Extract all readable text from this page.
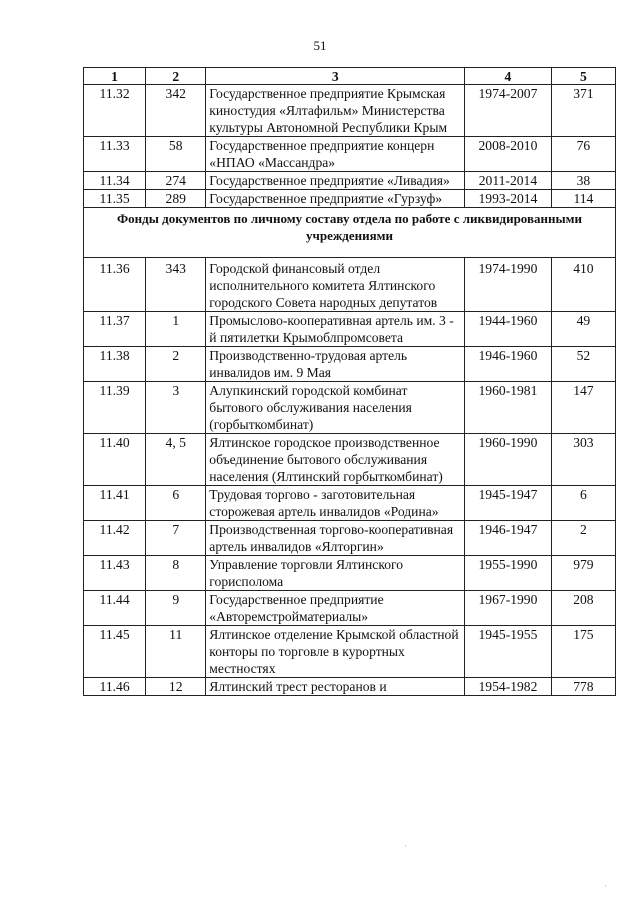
51
1	2	3	4	5
11.32	342	Государственное предприятие Крымская киностудия «Ялтафильм» Министерства культуры Автономной Республики Крым	1974-2007	371
11.33	58	Государственное предприятие концерн «НПАО «Массандра»	2008-2010	76
11.34	274	Государственное предприятие «Ливадия»	2011-2014	38
11.35	289	Государственное предприятие «Гурзуф»	1993-2014	114
Фонды документов по личному составу отдела по работе с ликвидированными учреждениями				
11.36	343	Городской финансовый отдел исполнительного комитета Ялтинского городского Совета народных депутатов	1974-1990	410
11.37	1	Промыслово-кооперативная артель им. 3 - й пятилетки Крымоблпромсовета	1944-1960	49
11.38	2	Производственно-трудовая артель инвалидов им. 9 Мая	1946-1960	52
11.39	3	Алупкинский городской комбинат бытового обслуживания населения (горбыткомбинат)	1960-1981	147
11.40	4, 5	Ялтинское городское производственное объединение бытового обслуживания населения (Ялтинский горбыткомбинат)	1960-1990	303
11.41	6	Трудовая торгово - заготовительная сторожевая артель инвалидов «Родина»	1945-1947	6
11.42	7	Производственная торгово-кооперативная артель инвалидов «Ялторгин»	1946-1947	2
11.43	8	Управление торговли Ялтинского горисполома	1955-1990	979
11.44	9	Государственное предприятие «Авторемстройматериалы»	1967-1990	208
11.45	11	Ялтинское отделение Крымской областной конторы по торговле в курортных местностях	1945-1955	175
11.46	12	Ялтинский трест ресторанов и	1954-1982	778
·
·
